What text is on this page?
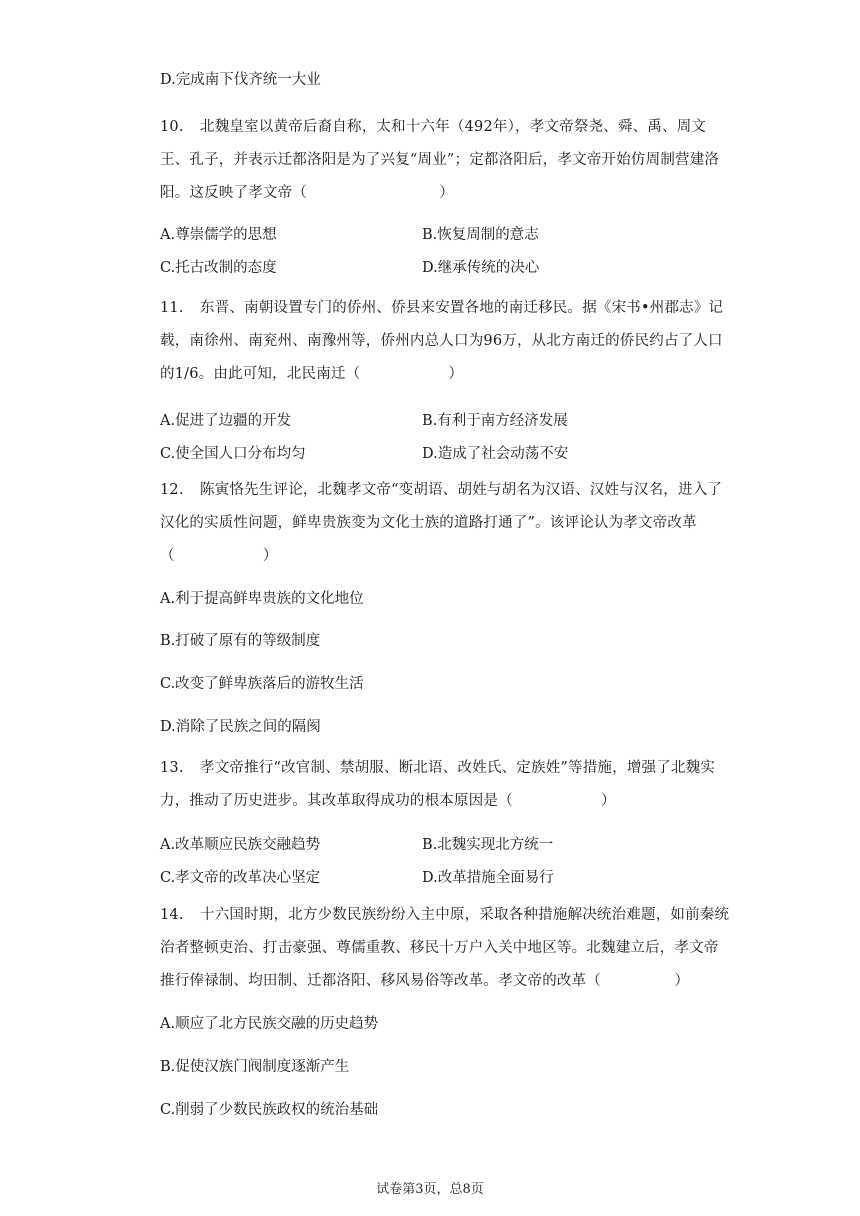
D.完成南下伐齐统一大业
10. 北魏皇室以黄帝后裔自称，太和十六年（492年），孝文帝祭尧、舜、禹、周文王、孔子，并表示迁都洛阳是为了兴复“周业”；定都洛阳后，孝文帝开始仿周制营建洛阳。这反映了孝文帝（　　　　　　　　　）
A.尊崇儒学的思想	B.恢复周制的意志
C.托古改制的态度	D.继承传统的决心
11. 东晋、南朝设置专门的侨州、侨县来安置各地的南迁移民。据《宋书•州郡志》记载，南徐州、南兖州、南豫州等，侨州内总人口为96万，从北方南迁的侨民约占了人口的1/6。由此可知，北民南迁（　　　　　　）
A.促进了边疆的开发	B.有利于南方经济发展
C.使全国人口分布均匀	D.造成了社会动荡不安
12. 陈寅恪先生评论，北魏孝文帝“变胡语、胡姓与胡名为汉语、汉姓与汉名，进入了汉化的实质性问题，鲜卑贵族变为文化士族的道路打通了”。该评论认为孝文帝改革（　　　　　　）
A.利于提高鲜卑贵族的文化地位
B.打破了原有的等级制度
C.改变了鲜卑族落后的游牧生活
D.消除了民族之间的隔阂
13. 孝文帝推行“改官制、禁胡服、断北语、改姓氏、定族姓”等措施，增强了北魏实力，推动了历史进步。其改革取得成功的根本原因是（　　　　　　）
A.改革顺应民族交融趋势	B.北魏实现北方统一
C.孝文帝的改革决心坚定	D.改革措施全面易行
14. 十六国时期，北方少数民族纷纷入主中原，采取各种措施解决统治难题，如前秦统治者整顿吏治、打击豪强、尊儒重教、移民十万户入关中地区等。北魏建立后，孝文帝推行俸禄制、均田制、迁都洛阳、移风易俗等改革。孝文帝的改革（　　　　　）
A.顺应了北方民族交融的历史趋势
B.促使汉族门阀制度逐渐产生
C.削弱了少数民族政权的统治基础
试卷第3页，总8页
